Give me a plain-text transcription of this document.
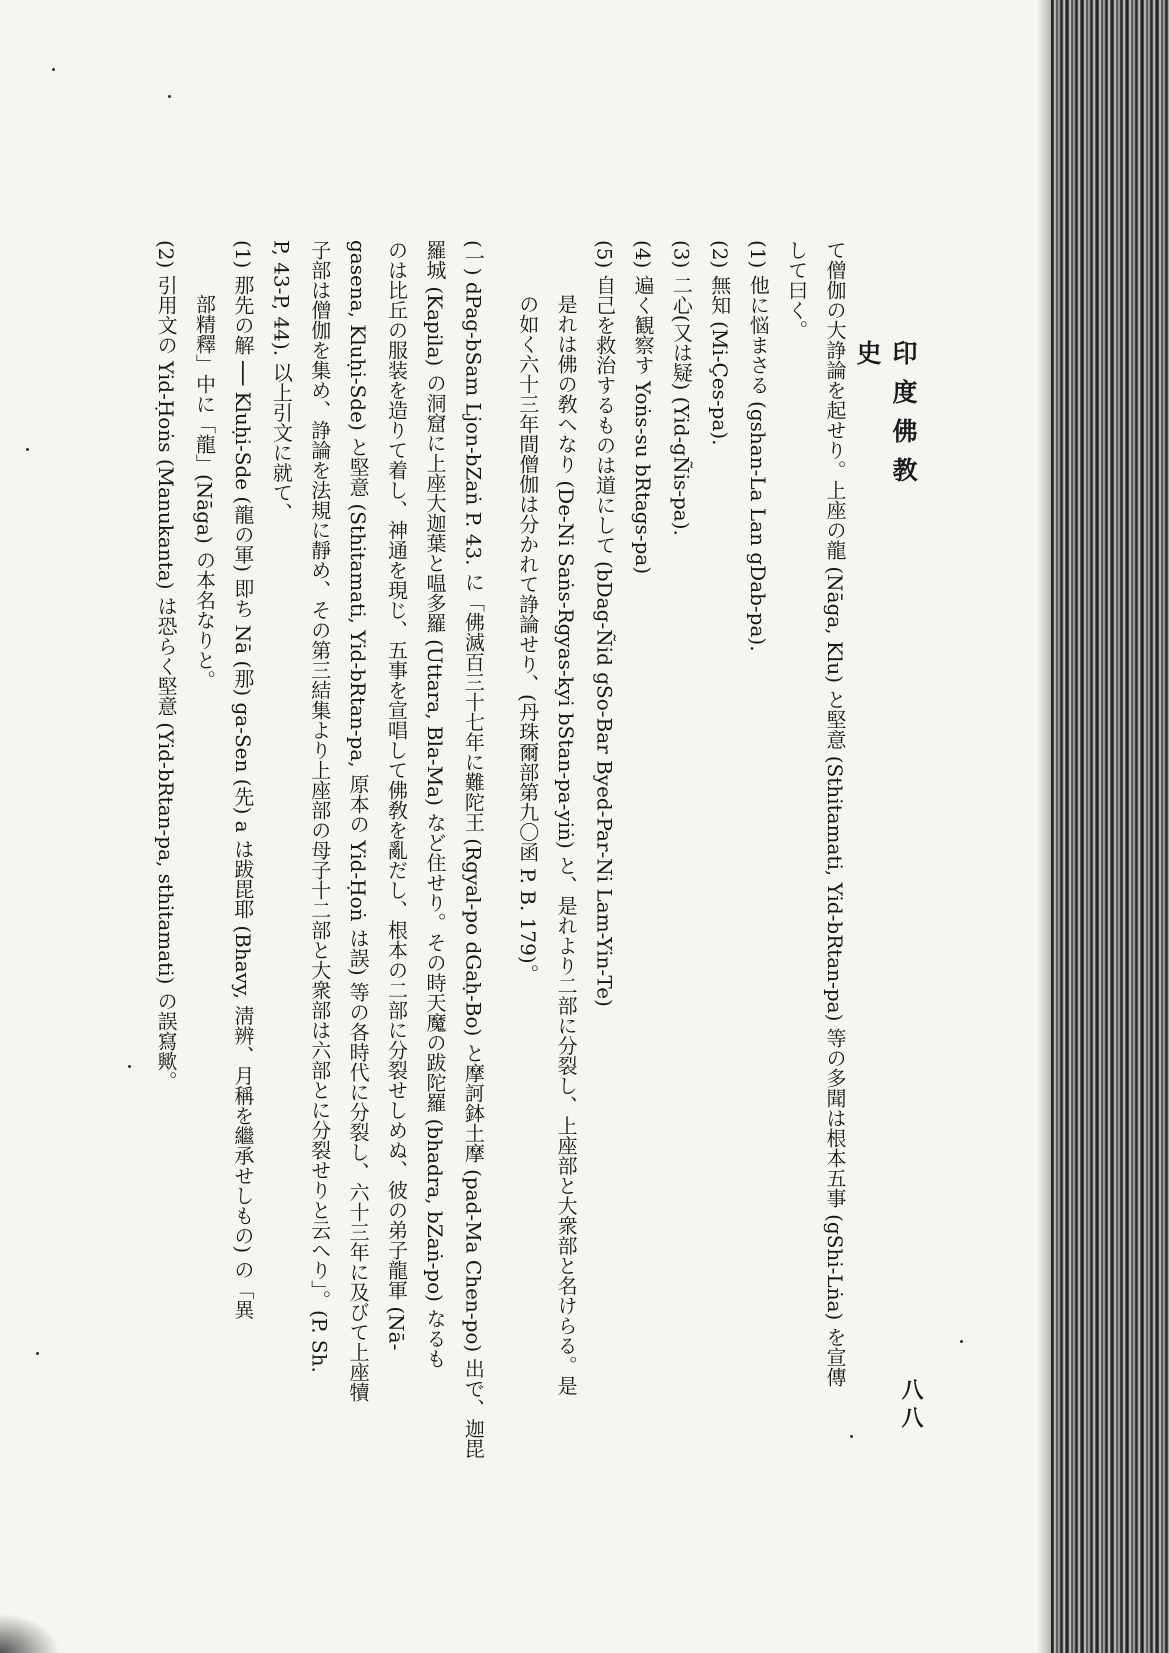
印度佛教史
八八
て僧伽の大諍論を起せり。上座の龍 (Nāga, Klu) と堅意 (Sthitamati, Yid-bRtan-pa) 等の多聞は根本五事 (gShi-Lṅa) を宣傳
して曰く。
(1) 他に悩まさる (gshan-La Lan gDab-pa).
(2) 無知 (Mi-Çes-pa).
(3) 二心(又は疑) (Yid-gÑis-pa).
(4) 遍く観察す Yoṅs-su bRtags-pa)
(5) 自己を救治するものは道にして (bDag-Ñid gSo-Bar Byed-Par-Ni Lam-Yin-Te)
是れは佛の敎へなり (De-Ni Saṅs-Rgyas-kyi bStan-pa-yiṅ) と、是れより二部に分裂し、上座部と大衆部と名けらる。是
の如く六十三年間僧伽は分かれて諍論せり、(丹珠爾部第九〇函 P. B. 179)。
(一) dPag-bSam Ljon-bZaṅ P. 43. に「佛滅百三十七年に難陀王 (Rgyal-po dGaḥ-Bo) と摩訶鉢土摩 (pad-Ma Chen-po) 出で、迦毘
羅城 (Kapila) の洞窟に上座大迦葉と嗢多羅 (Uttara, Bla-Ma) など住せり。その時天魔の跋陀羅 (bhadra, bZaṅ-po) なるも
のは比丘の服装を造りて着し、神通を現じ、五事を宣唱して佛敎を亂だし、根本の二部に分裂せしめぬ、彼の弟子龍軍 (Nā-
gasena, Kluḥi-Sde) と堅意 (Sthitamati, Yid-bRtan-pa, 原本の Yid-Ḥoṅ は誤) 等の各時代に分裂し、六十三年に及びて上座犢
子部は僧伽を集め、諍論を法規に靜め、その第三結集より上座部の母子十二部と大衆部は六部とに分裂せりと云へり」。(P. Sh.
P, 43-P, 44). 以上引文に就て、
(1) 那先の解 ── Kluḥi-Sde (龍の軍) 即ち Nā (那) ga-Sen (先) a は跋毘耶 (Bhavy, 淸辨、月稱を繼承せしもの) の「異
部精釋」中に「龍」(Nāga) の本名なりと。
(2) 引用文の Yid-Ḥoṅs (Manukanta) は恐らく堅意 (Yid-bRtan-pa, sthitamati) の誤寫歟。
